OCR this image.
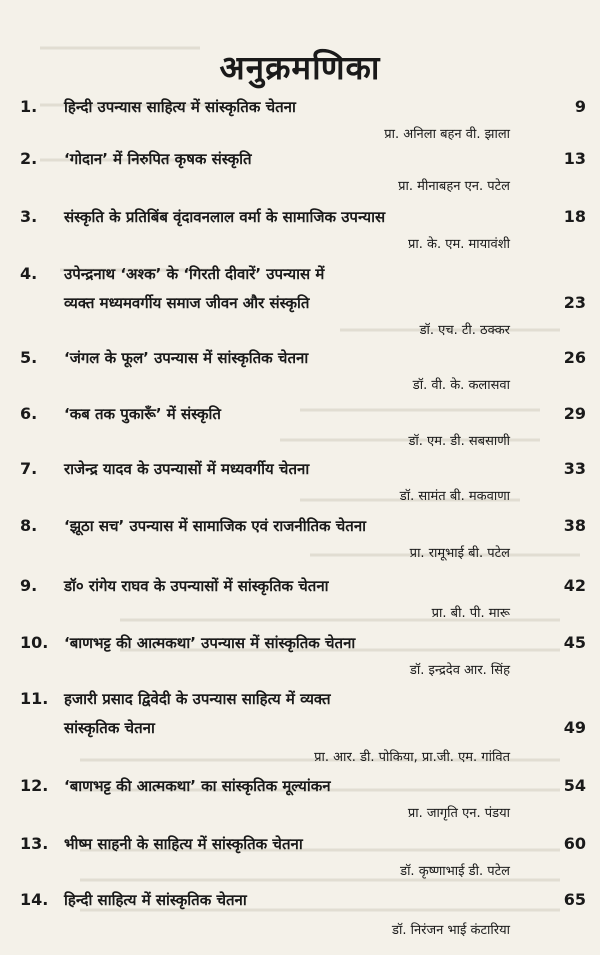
अनुक्रमणिका
1.	हिन्दी उपन्यास साहित्य में सांस्कृतिक चेतना	9
प्रा. अनिला बहन वी. झाला
2.	‘गोदान’ में निरुपित कृषक संस्कृति	13
प्रा. मीनाबहन एन. पटेल
3.	संस्कृति के प्रतिबिंब वृंदावनलाल वर्मा के सामाजिक उपन्यास	18
प्रा. के. एम. मायावंशी
4.	उपेन्द्रनाथ ‘अश्क’ के ‘गिरती दीवारें’ उपन्यास में
व्यक्त मध्यमवर्गीय समाज जीवन और संस्कृति	23
डॉ. एच. टी. ठक्कर
5.	‘जंगल के फूल’ उपन्यास में सांस्कृतिक चेतना	26
डॉ. वी. के. कलासवा
6.	‘कब तक पुकारूँ’ में संस्कृति	29
डॉ. एम. डी. सबसाणी
7.	राजेन्द्र यादव के उपन्यासों में मध्यवर्गीय चेतना	33
डॉ. सामंत बी. मकवाणा
8.	‘झूठा सच’ उपन्यास में सामाजिक एवं राजनीतिक चेतना	38
प्रा. रामूभाई बी. पटेल
9.	डॉ० रांगेय राघव के उपन्यासों में सांस्कृतिक चेतना	42
प्रा. बी. पी. मारू
10.	‘बाणभट्ट की आत्मकथा’ उपन्यास में सांस्कृतिक चेतना	45
डॉ. इन्द्रदेव आर. सिंह
11.	हजारी प्रसाद द्विवेदी के उपन्यास साहित्य में व्यक्त
सांस्कृतिक चेतना	49
प्रा. आर. डी. पोकिया, प्रा.जी. एम. गांवित
12.	‘बाणभट्ट की आत्मकथा’ का सांस्कृतिक मूल्यांकन	54
प्रा. जागृति एन. पंडया
13.	भीष्म साहनी के साहित्य में सांस्कृतिक चेतना	60
डॉ. कृष्णाभाई डी. पटेल
14.	हिन्दी साहित्य में सांस्कृतिक चेतना	65
डॉ. निरंजन भाई कंटारिया
